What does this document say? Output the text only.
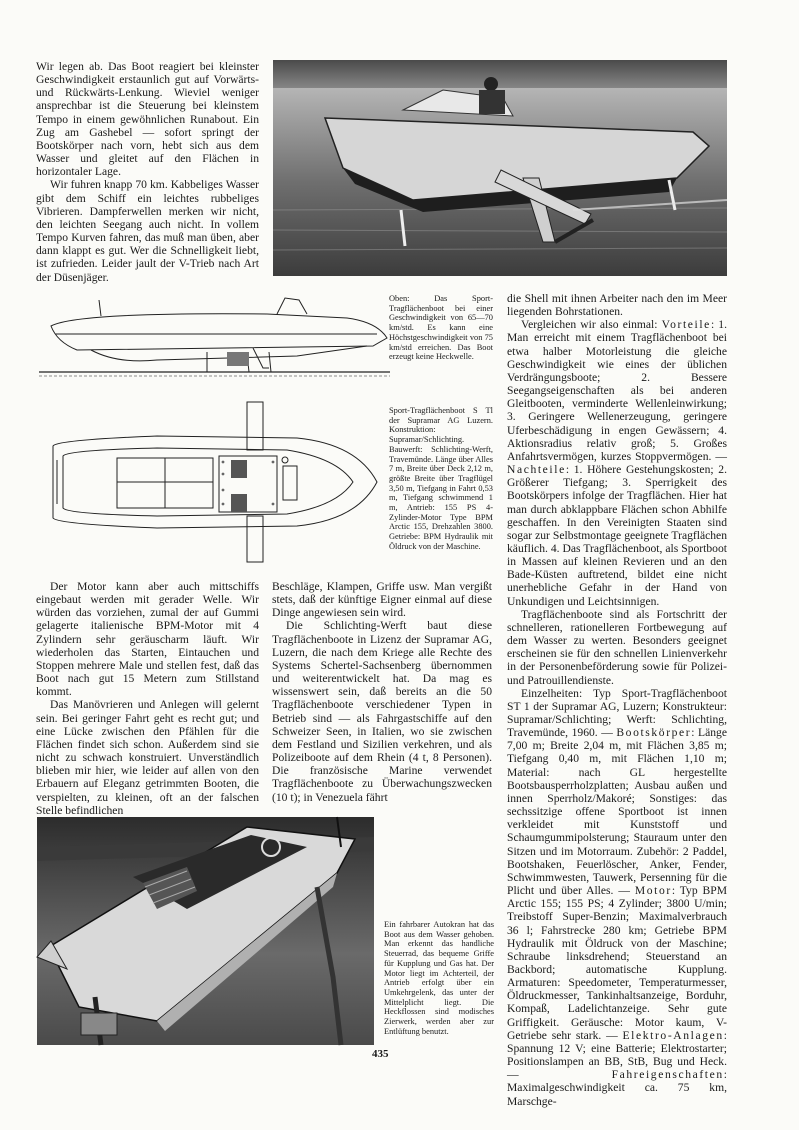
Wir legen ab. Das Boot reagiert bei kleinster Geschwindigkeit erstaunlich gut auf Vorwärts- und Rückwärts-Lenkung. Wieviel weniger ansprechbar ist die Steuerung bei kleinstem Tempo in einem gewöhnlichen Runabout. Ein Zug am Gashebel — sofort springt der Bootskörper nach vorn, hebt sich aus dem Wasser und gleitet auf den Flächen in horizontaler Lage.

Wir fuhren knapp 70 km. Kabbeliges Wasser gibt dem Schiff ein leichtes rubbeliges Vibrieren. Dampferwellen merken wir nicht, den leichten Seegang auch nicht. In vollem Tempo Kurven fahren, das muß man üben, aber dann klappt es gut. Wer die Schnelligkeit liebt, ist zufrieden. Leider jault der V-Trieb nach Art der Düsenjäger.

Oben: Das Sport-Tragflächenboot bei einer Geschwindigkeit von 65—70 km/std. Es kann eine Höchstgeschwindigkeit von 75 km/std erreichen. Das Boot erzeugt keine Heckwelle.
Sport-Tragflächenboot S Tl der Supramar AG Luzern. Konstruktion: Supramar/Schlichting. Bauwerft: Schlichting-Werft, Travemünde. Länge über Alles 7 m, Breite über Deck 2,12 m, größte Breite über Tragflügel 3,50 m, Tiefgang in Fahrt 0,53 m, Tiefgang schwimmend 1 m, Antrieb: 155 PS 4-Zylinder-Motor Type BPM Arctic 155, Drehzahlen 3800. Getriebe: BPM Hydraulik mit Öldruck von der Maschine.

Der Motor kann aber auch mittschiffs eingebaut werden mit gerader Welle. Wir würden das vorziehen, zumal der auf Gummi gelagerte italienische BPM-Motor mit 4 Zylindern sehr geräuscharm läuft. Wir wiederholen das Starten, Eintauchen und Stoppen mehrere Male und stellen fest, daß das Boot nach gut 15 Metern zum Stillstand kommt.

Das Manövrieren und Anlegen will gelernt sein. Bei geringer Fahrt geht es recht gut; und eine Lücke zwischen den Pfählen für die Flächen findet sich schon. Außerdem sind sie nicht zu schwach konstruiert. Unverständlich blieben mir hier, wie leider auf allen von den Erbauern auf Eleganz getrimmten Booten, die verspielten, zu kleinen, oft an der falschen Stelle befindlichen

Beschläge, Klampen, Griffe usw. Man vergißt stets, daß der künftige Eigner einmal auf diese Dinge angewiesen sein wird.

Die Schlichting-Werft baut diese Tragflächenboote in Lizenz der Supramar AG, Luzern, die nach dem Kriege alle Rechte des Systems Schertel-Sachsenberg übernommen und weiterentwickelt hat. Da mag es wissenswert sein, daß bereits an die 50 Tragflächenboote verschiedener Typen in Betrieb sind — als Fahrgastschiffe auf den Schweizer Seen, in Italien, wo sie zwischen dem Festland und Sizilien verkehren, und als Polizeiboote auf dem Rhein (4 t, 8 Personen). Die französische Marine verwendet Tragflächenboote zu Überwachungszwecken (10 t); in Venezuela fährt

Ein fahrbarer Autokran hat das Boot aus dem Wasser gehoben. Man erkennt das handliche Steuerrad, das bequeme Griffe für Kupplung und Gas hat. Der Motor liegt im Achterteil, der Antrieb erfolgt über ein Umkehrgelenk, das unter der Mittelplicht liegt. Die Heckflossen sind modisches Zierwerk, werden aber zur Entlüftung benutzt.

die Shell mit ihnen Arbeiter nach den im Meer liegenden Bohrstationen.

Vergleichen wir also einmal: Vorteile: 1. Man erreicht mit einem Tragflächenboot bei etwa halber Motorleistung die gleiche Geschwindigkeit wie eines der üblichen Verdrängungsboote; 2. Bessere Seegangseigenschaften als bei anderen Gleitbooten, verminderte Wellenleinwirkung; 3. Geringere Wellenerzeugung, geringere Uferbeschädigung in engen Gewässern; 4. Aktionsradius relativ groß; 5. Großes Anfahrtsvermögen, kurzes Stoppvermögen. — Nachteile: 1. Höhere Gestehungskosten; 2. Größerer Tiefgang; 3. Sperrigkeit des Bootskörpers infolge der Tragflächen. Hier hat man durch abklappbare Flächen schon Abhilfe geschaffen. In den Vereinigten Staaten sind sogar zur Selbstmontage geeignete Tragflächen käuflich. 4. Das Tragflächenboot, als Sportboot in Massen auf kleinen Revieren und an den Bade-Küsten auftretend, bildet eine nicht unerhebliche Gefahr in der Hand von Unkundigen und Leichtsinnigen.

Tragflächenboote sind als Fortschritt der schnelleren, rationelleren Fortbewegung auf dem Wasser zu werten. Besonders geeignet erscheinen sie für den schnellen Linienverkehr in der Personenbeförderung sowie für Polizei- und Patrouillendienste.

Einzelheiten: Typ Sport-Tragflächenboot ST 1 der Supramar AG, Luzern; Konstrukteur: Supramar/Schlichting; Werft: Schlichting, Travemünde, 1960. — Bootskörper: Länge 7,00 m; Breite 2,04 m, mit Flächen 3,85 m; Tiefgang 0,40 m, mit Flächen 1,10 m; Material: nach GL hergestellte Bootsbausperrholzplatten; Ausbau außen und innen Sperrholz/Makoré; Sonstiges: das sechssitzige offene Sportboot ist innen verkleidet mit Kunststoff und Schaumgummipolsterung; Stauraum unter den Sitzen und im Motorraum. Zubehör: 2 Paddel, Bootshaken, Feuerlöscher, Anker, Fender, Schwimmwesten, Tauwerk, Persenning für die Plicht und über Alles. — Motor: Typ BPM Arctic 155; 155 PS; 4 Zylinder; 3800 U/min; Treibstoff Super-Benzin; Maximalverbrauch 36 l; Fahrstrecke 280 km; Getriebe BPM Hydraulik mit Öldruck von der Maschine; Schraube linksdrehend; Steuerstand an Backbord; automatische Kupplung. Armaturen: Speedometer, Temperaturmesser, Öldruckmesser, Tankinhaltsanzeige, Borduhr, Kompaß, Ladelichtanzeige. Sehr gute Griffigkeit. Geräusche: Motor kaum, V-Getriebe sehr stark. — Elektro-Anlagen: Spannung 12 V; eine Batterie; Elektrostarter; Positionslampen an BB, StB, Bug und Heck. —	Fahreigenschaften: Maximalgeschwindigkeit ca. 75 km, Marschge-

435
